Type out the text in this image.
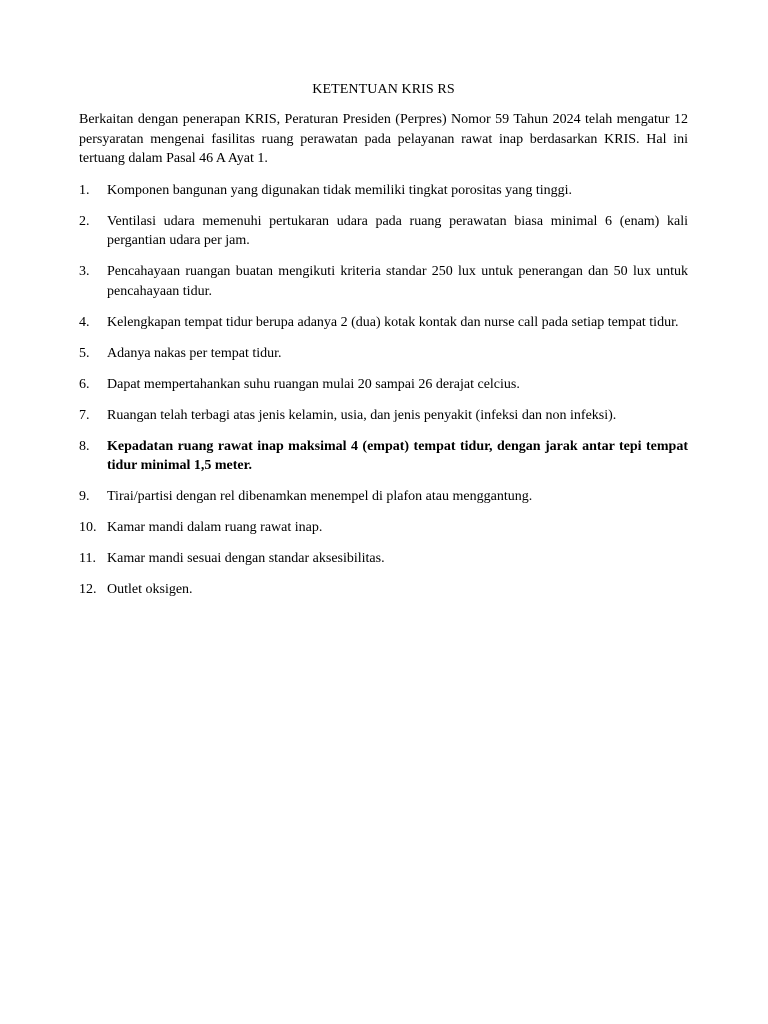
KETENTUAN KRIS RS
Berkaitan dengan penerapan KRIS, Peraturan Presiden (Perpres) Nomor 59 Tahun 2024 telah mengatur 12 persyaratan mengenai fasilitas ruang perawatan pada pelayanan rawat inap berdasarkan KRIS. Hal ini tertuang dalam Pasal 46 A Ayat 1.
1.	Komponen bangunan yang digunakan tidak memiliki tingkat porositas yang tinggi.
2.	Ventilasi udara memenuhi pertukaran udara pada ruang perawatan biasa minimal 6 (enam) kali pergantian udara per jam.
3.	Pencahayaan ruangan buatan mengikuti kriteria standar 250 lux untuk penerangan dan 50 lux untuk pencahayaan tidur.
4.	Kelengkapan tempat tidur berupa adanya 2 (dua) kotak kontak dan nurse call pada setiap tempat tidur.
5.	Adanya nakas per tempat tidur.
6.	Dapat mempertahankan suhu ruangan mulai 20 sampai 26 derajat celcius.
7.	Ruangan telah terbagi atas jenis kelamin, usia, dan jenis penyakit (infeksi dan non infeksi).
8.	Kepadatan ruang rawat inap maksimal 4 (empat) tempat tidur, dengan jarak antar tepi tempat tidur minimal 1,5 meter.
9.	Tirai/partisi dengan rel dibenamkan menempel di plafon atau menggantung.
10. Kamar mandi dalam ruang rawat inap.
11. Kamar mandi sesuai dengan standar aksesibilitas.
12. Outlet oksigen.
